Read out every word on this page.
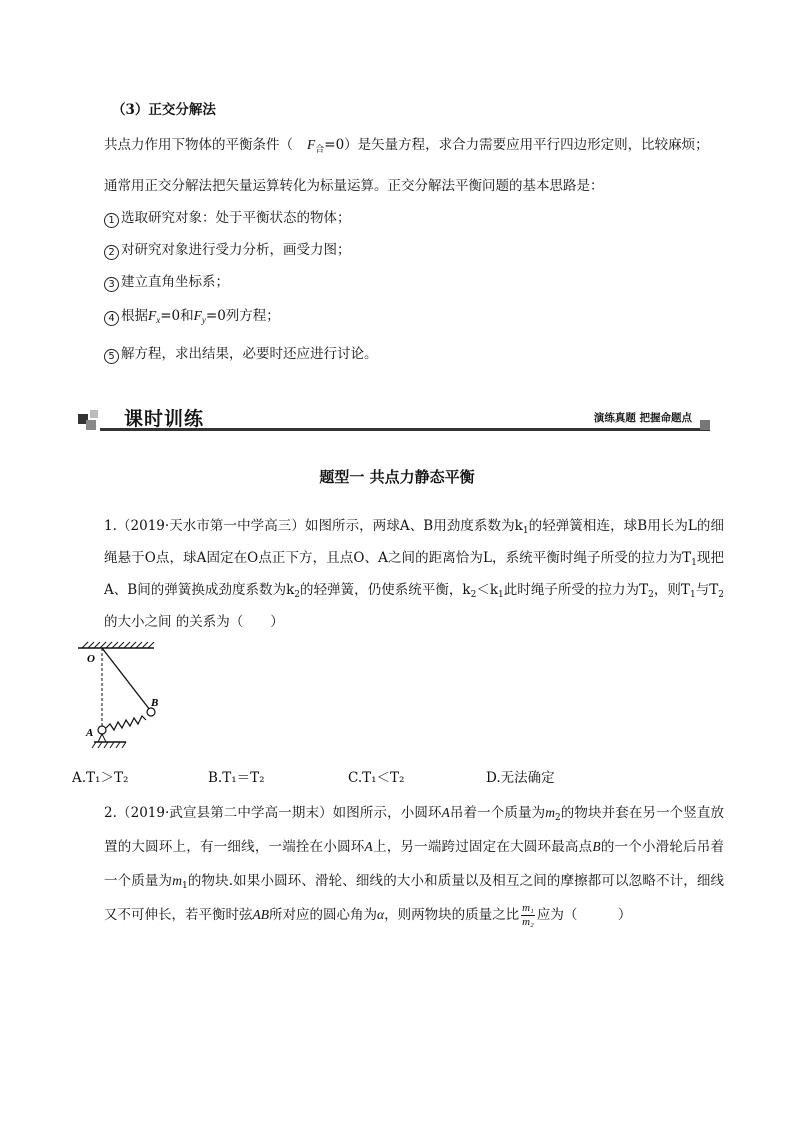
（3）正交分解法
共点力作用下物体的平衡条件（ $F_合=0$）是矢量方程，求合力需要应用平行四边形定则，比较麻烦；
通常用正交分解法把矢量运算转化为标量运算。正交分解法平衡问题的基本思路是：
1 选取研究对象：处于平衡状态的物体；
2 对研究对象进行受力分析，画受力图；
3 建立直角坐标系；
4 根据$F_x=0$和$F_y=0$列方程；
5 解方程，求出结果，必要时还应进行讨论。
课时训练	演练真题 把握命题点
题型一 共点力静态平衡
1.（2019·天水市第一中学高三）如图所示，两球A、B用劲度系数为$k_1$的轻弹簧相连，球B用长为L的细绳悬于O点，球A固定在O点正下方，且点O、A之间的距离恰为L，系统平衡时绳子所受的拉力为$T_1$现把A、B间的弹簧换成劲度系数为$k_2$的轻弹簧，仍使系统平衡，$k_2<k_1$此时绳子所受的拉力为$T_2$，则$T_1$与$T_2$的大小之间 的关系为（　　）
O
A
B
A.T₁＞T₂	B.T₁＝T₂	C.T₁＜T₂	D.无法确定
2.（2019·武宣县第二中学高一期末）如图所示，小圆环A吊着一个质量为$m_2$的物块并套在另一个竖直放置的大圆环上，有一细线，一端拴在小圆环A上，另一端跨过固定在大圆环最高点B的一个小滑轮后吊着一个质量为$m_1$的物块.如果小圆环、滑轮、细线的大小和质量以及相互之间的摩擦都可以忽略不计，细线又不可伸长，若平衡时弦AB所对应的圆心角为α，则两物块的质量之比 $\frac{\text{m₁}}{\text{m₂}}$ 应为（　　　）
